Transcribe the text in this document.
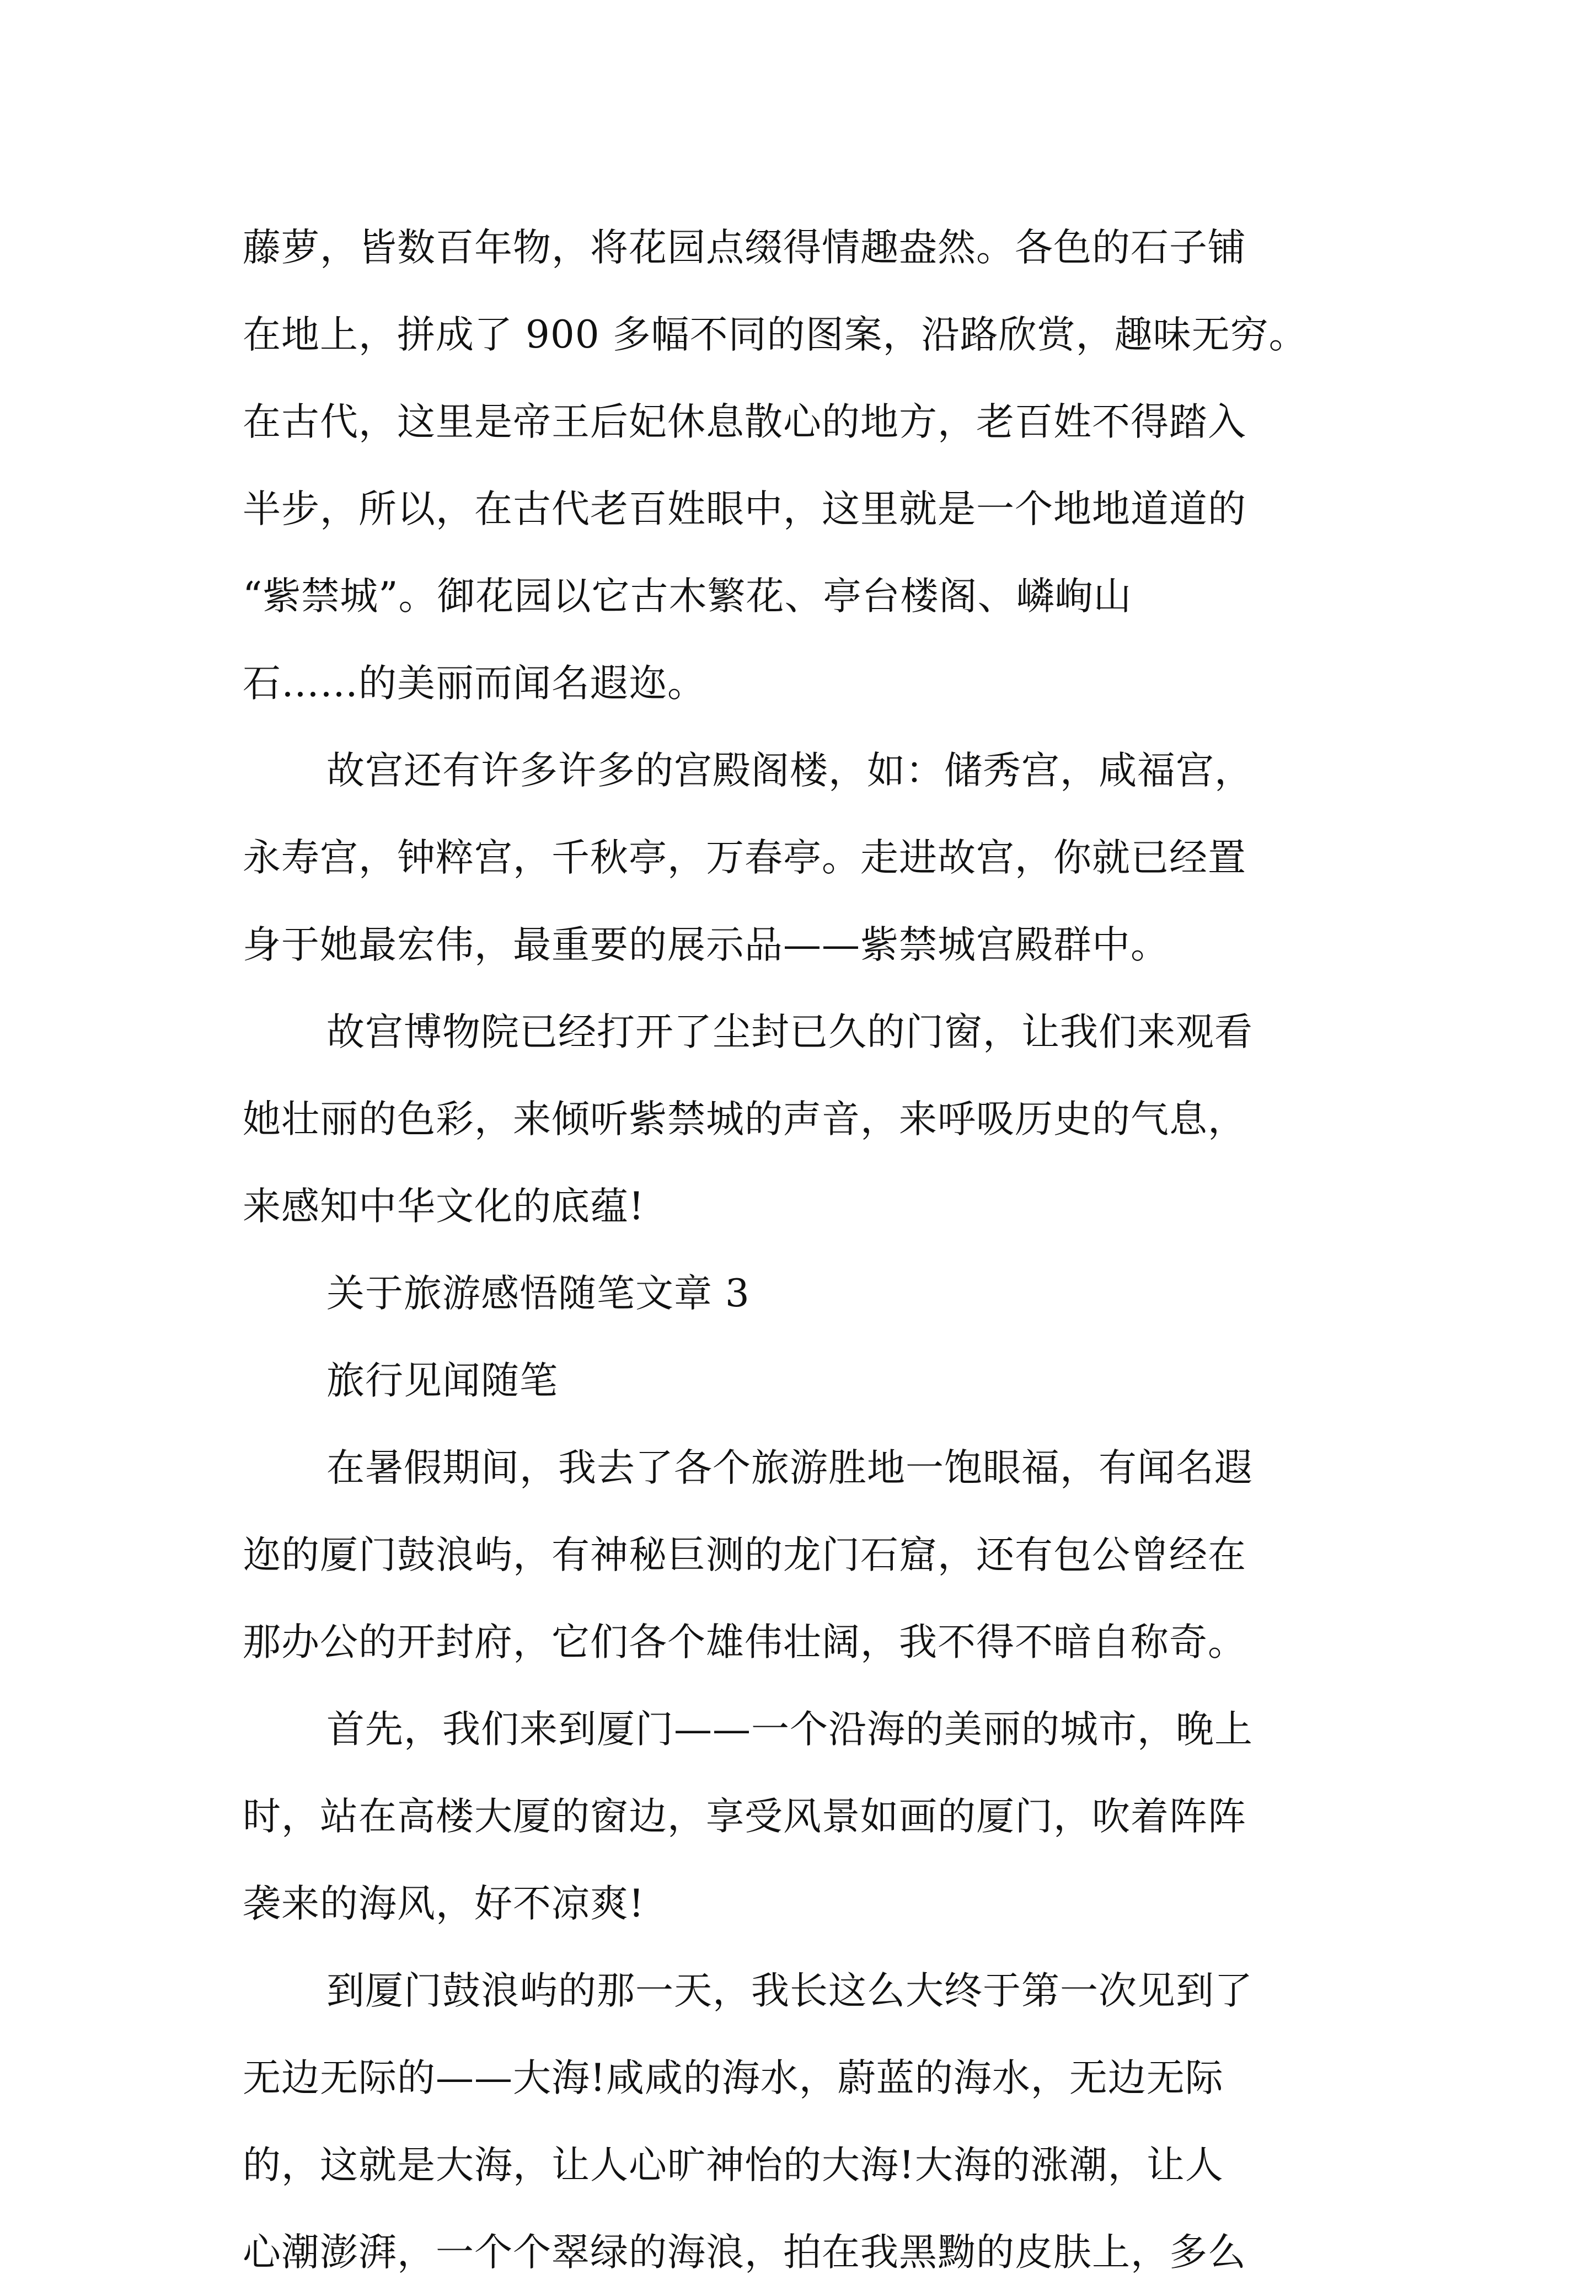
藤萝，皆数百年物，将花园点缀得情趣盎然。各色的石子铺
在地上，拼成了 900 多幅不同的图案，沿路欣赏，趣味无穷。
在古代，这里是帝王后妃休息散心的地方，老百姓不得踏入
半步，所以，在古代老百姓眼中，这里就是一个地地道道的
“紫禁城”。御花园以它古木繁花、亭台楼阁、嶙峋山
石……的美丽而闻名遐迩。
故宫还有许多许多的宫殿阁楼，如：储秀宫，咸福宫，
永寿宫，钟粹宫，千秋亭，万春亭。走进故宫，你就已经置
身于她最宏伟，最重要的展示品——紫禁城宫殿群中。
故宫博物院已经打开了尘封已久的门窗，让我们来观看
她壮丽的色彩，来倾听紫禁城的声音，来呼吸历史的气息，
来感知中华文化的底蕴!
关于旅游感悟随笔文章 3
旅行见闻随笔
在暑假期间，我去了各个旅游胜地一饱眼福，有闻名遐
迩的厦门鼓浪屿，有神秘巨测的龙门石窟，还有包公曾经在
那办公的开封府，它们各个雄伟壮阔，我不得不暗自称奇。
首先，我们来到厦门——一个沿海的美丽的城市，晚上
时，站在高楼大厦的窗边，享受风景如画的厦门，吹着阵阵
袭来的海风，好不凉爽!
到厦门鼓浪屿的那一天，我长这么大终于第一次见到了
无边无际的——大海!咸咸的海水，蔚蓝的海水，无边无际
的，这就是大海，让人心旷神怡的大海!大海的涨潮，让人
心潮澎湃，一个个翠绿的海浪，拍在我黑黝的皮肤上，多么
